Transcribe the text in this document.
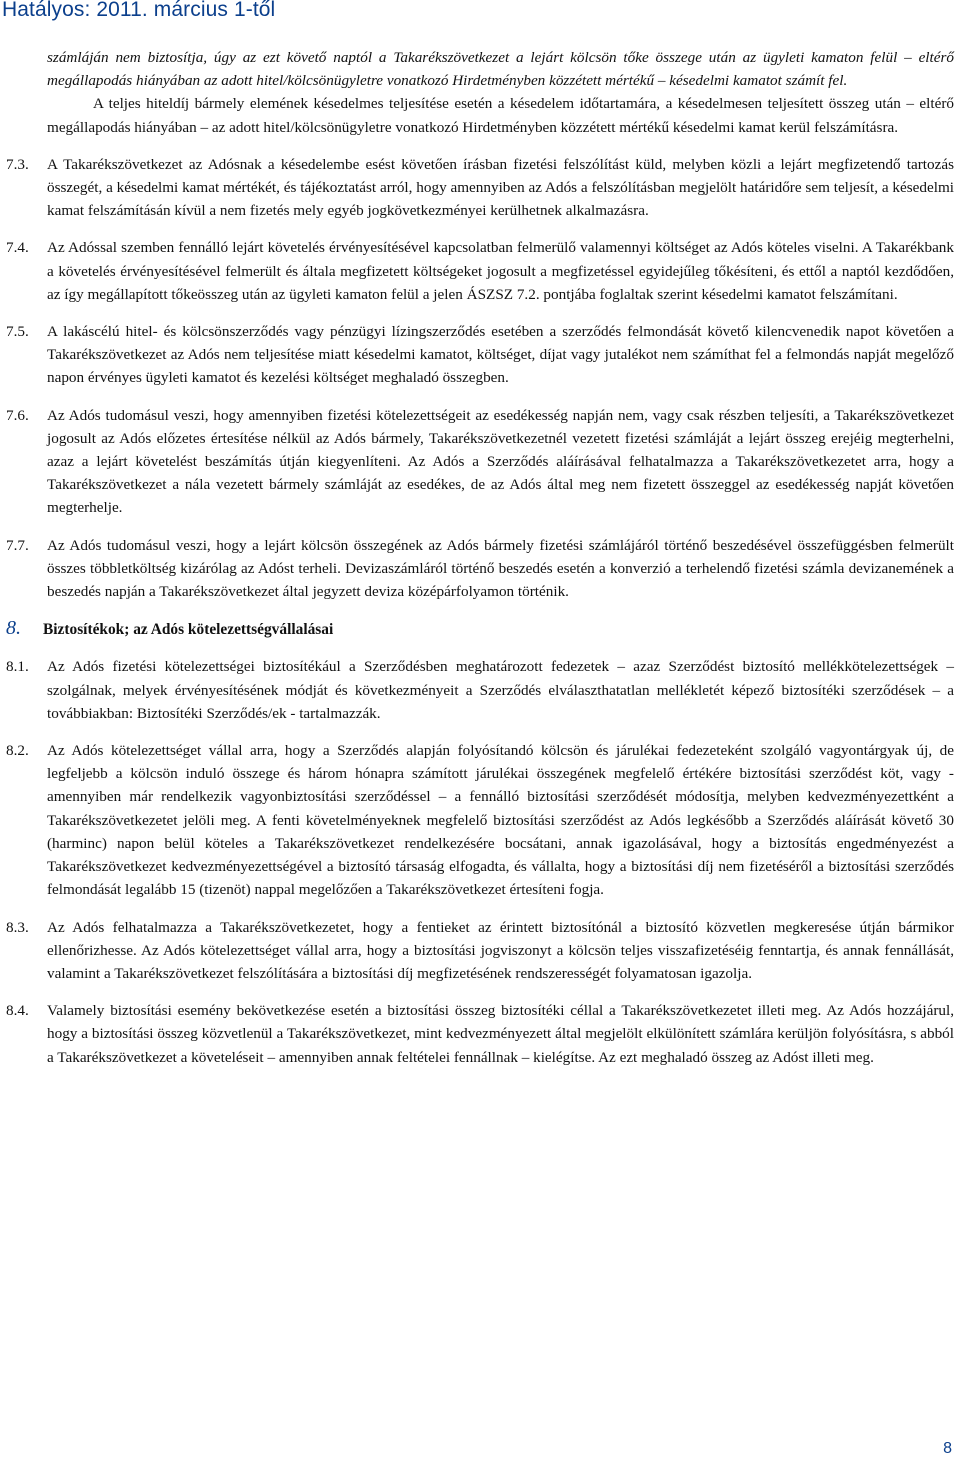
Hatályos: 2011. március 1-től

számláján nem biztosítja, úgy az ezt követő naptól a Takarékszövetkezet a lejárt kölcsön tőke összege után az ügyleti kamaton felül – eltérő megállapodás hiányában az adott hitel/kölcsönügyletre vonatkozó Hirdetményben közzétett mértékű – késedelmi kamatot számít fel.

A teljes hiteldíj bármely elemének késedelmes teljesítése esetén a késedelem időtartamára, a késedelmesen teljesített összeg után – eltérő megállapodás hiányában – az adott hitel/kölcsönügyletre vonatkozó Hirdetményben közzétett mértékű késedelmi kamat kerül felszámításra.

7.3.	A Takarékszövetkezet az Adósnak a késedelembe esést követően írásban fizetési felszólítást küld, melyben közli a lejárt megfizetendő tartozás összegét, a késedelmi kamat mértékét, és tájékoztatást arról, hogy amennyiben az Adós a felszólításban megjelölt határidőre sem teljesít, a késedelmi kamat felszámításán kívül a nem fizetés mely egyéb jogkövetkezményei kerülhetnek alkalmazásra.
7.4.	Az Adóssal szemben fennálló lejárt követelés érvényesítésével kapcsolatban felmerülő valamennyi költséget az Adós köteles viselni. A Takarékbank a követelés érvényesítésével felmerült és általa megfizetett költségeket jogosult a megfizetéssel egyidejűleg tőkésíteni, és ettől a naptól kezdődően, az így megállapított tőkeösszeg után az ügyleti kamaton felül a jelen ÁSZSZ 7.2. pontjába foglaltak szerint késedelmi kamatot felszámítani.
7.5.	A lakáscélú hitel- és kölcsönszerződés vagy pénzügyi lízingszerződés esetében a szerződés felmondását követő kilencvenedik napot követően a Takarékszövetkezet az Adós nem teljesítése miatt késedelmi kamatot, költséget, díjat vagy jutalékot nem számíthat fel a felmondás napját megelőző napon érvényes ügyleti kamatot és kezelési költséget meghaladó összegben.
7.6.	Az Adós tudomásul veszi, hogy amennyiben fizetési kötelezettségeit az esedékesség napján nem, vagy csak részben teljesíti, a Takarékszövetkezet jogosult az Adós előzetes értesítése nélkül az Adós bármely, Takarékszövetkezetnél vezetett fizetési számláját a lejárt összeg erejéig megterhelni, azaz a lejárt követelést beszámítás útján kiegyenlíteni. Az Adós a Szerződés aláírásával felhatalmazza a Takarékszövetkezetet arra, hogy a Takarékszövetkezet a nála vezetett bármely számláját az esedékes, de az Adós által meg nem fizetett összeggel az esedékesség napját követően megterhelje.
7.7.	Az Adós tudomásul veszi, hogy a lejárt kölcsön összegének az Adós bármely fizetési számlájáról történő beszedésével összefüggésben felmerült összes többletköltség kizárólag az Adóst terheli. Devizaszámláról történő beszedés esetén a konverzió a terhelendő fizetési számla devizanemének a beszedés napján a Takarékszövetkezet által jegyzett deviza középárfolyamon történik.
8.	Biztosítékok; az Adós kötelezettségvállalásai
8.1.	Az Adós fizetési kötelezettségei biztosítékául a Szerződésben meghatározott fedezetek – azaz Szerződést biztosító mellékkötelezettségek – szolgálnak, melyek érvényesítésének módját és következményeit a Szerződés elválaszthatatlan mellékletét képező biztosítéki szerződések – a továbbiakban: Biztosítéki Szerződés/ek - tartalmazzák.
8.2.	Az Adós kötelezettséget vállal arra, hogy a Szerződés alapján folyósítandó kölcsön és járulékai fedezeteként szolgáló vagyontárgyak új, de legfeljebb a kölcsön induló összege és három hónapra számított járulékai összegének megfelelő értékére biztosítási szerződést köt, vagy - amennyiben már rendelkezik vagyonbiztosítási szerződéssel – a fennálló biztosítási szerződését módosítja, melyben kedvezményezettként a Takarékszövetkezetet jelöli meg. A fenti követelményeknek megfelelő biztosítási szerződést az Adós legkésőbb a Szerződés aláírását követő 30 (harminc) napon belül köteles a Takarékszövetkezet rendelkezésére bocsátani, annak igazolásával, hogy a biztosítás engedményezést a Takarékszövetkezet kedvezményezettségével a biztosító társaság elfogadta, és vállalta, hogy a biztosítási díj nem fizetéséről a biztosítási szerződés felmondását legalább 15 (tizenöt) nappal megelőzően a Takarékszövetkezet értesíteni fogja.
8.3.	Az Adós felhatalmazza a Takarékszövetkezetet, hogy a fentieket az érintett biztosítónál a biztosító közvetlen megkeresése útján bármikor ellenőrizhesse. Az Adós kötelezettséget vállal arra, hogy a biztosítási jogviszonyt a kölcsön teljes visszafizetéséig fenntartja, és annak fennállását, valamint a Takarékszövetkezet felszólítására a biztosítási díj megfizetésének rendszerességét folyamatosan igazolja.
8.4.	Valamely biztosítási esemény bekövetkezése esetén a biztosítási összeg biztosítéki céllal a Takarékszövetkezetet illeti meg. Az Adós hozzájárul, hogy a biztosítási összeg közvetlenül a Takarékszövetkezet, mint kedvezményezett által megjelölt elkülönített számlára kerüljön folyósításra, s abból a Takarékszövetkezet a követeléseit – amennyiben annak feltételei fennállnak – kielégítse. Az ezt meghaladó összeg az Adóst illeti meg.
8
